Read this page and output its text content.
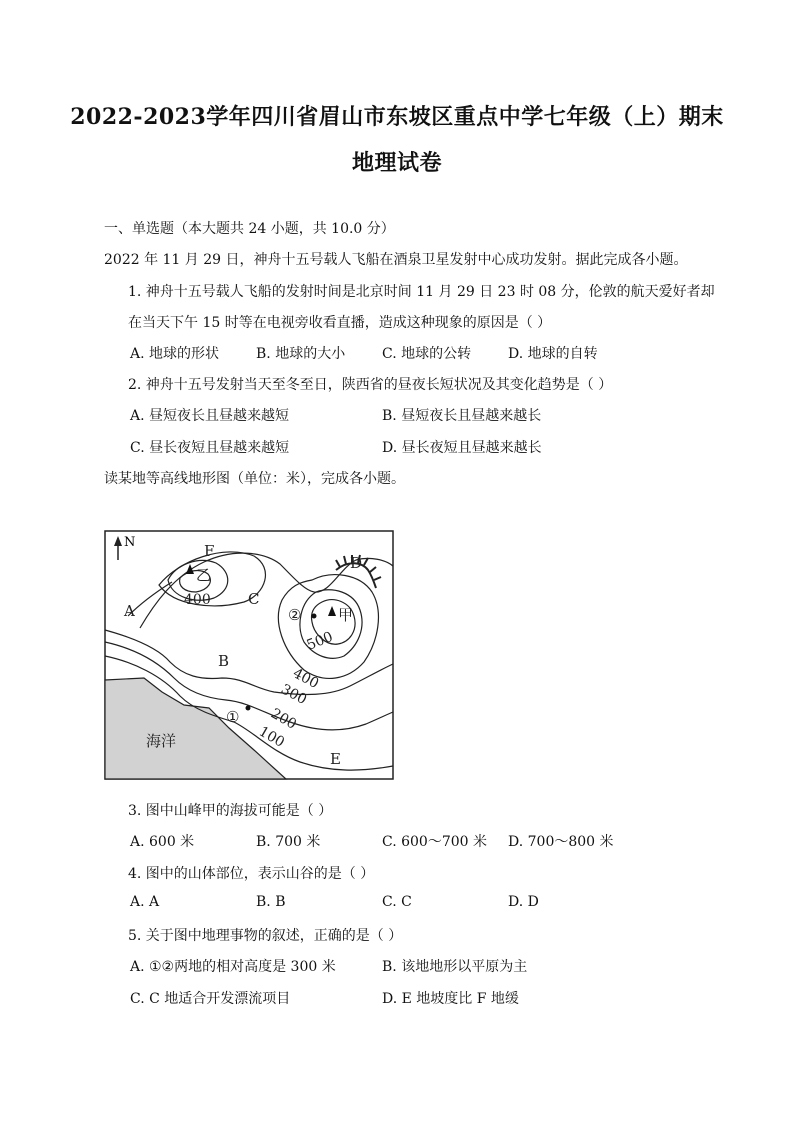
2022-2023学年四川省眉山市东坡区重点中学七年级（上）期末
地理试卷
一、单选题（本大题共 24 小题，共 10.0 分）
2022 年 11 月 29 日，神舟十五号载人飞船在酒泉卫星发射中心成功发射。据此完成各小题。
1. 神舟十五号载人飞船的发射时间是北京时间 11 月 29 日 23 时 08 分，伦敦的航天爱好者却
在当天下午 15 时等在电视旁收看直播，造成这种现象的原因是（ ）
A. 地球的形状	B. 地球的大小	C. 地球的公转	D. 地球的自转
2. 神舟十五号发射当天至冬至日，陕西省的昼夜长短状况及其变化趋势是（ ）
A. 昼短夜长且昼越来越短	B. 昼短夜长且昼越来越长
C. 昼长夜短且昼越来越短	D. 昼长夜短且昼越来越长
读某地等高线地形图（单位：米），完成各小题。
N	F
乙
A
C
D
甲
②
B
①
E
海洋
400
500
400
300
200
100
3. 图中山峰甲的海拔可能是（ ）
A. 600 米	B. 700 米	C. 600～700 米 D. 700～800 米
4. 图中的山体部位，表示山谷的是（ ）
A. A	B. B	C. C	D. D
5. 关于图中地理事物的叙述，正确的是（ ）
A. ①②两地的相对高度是 300 米	B. 该地地形以平原为主
C. C 地适合开发漂流项目	D. E 地坡度比 F 地缓
